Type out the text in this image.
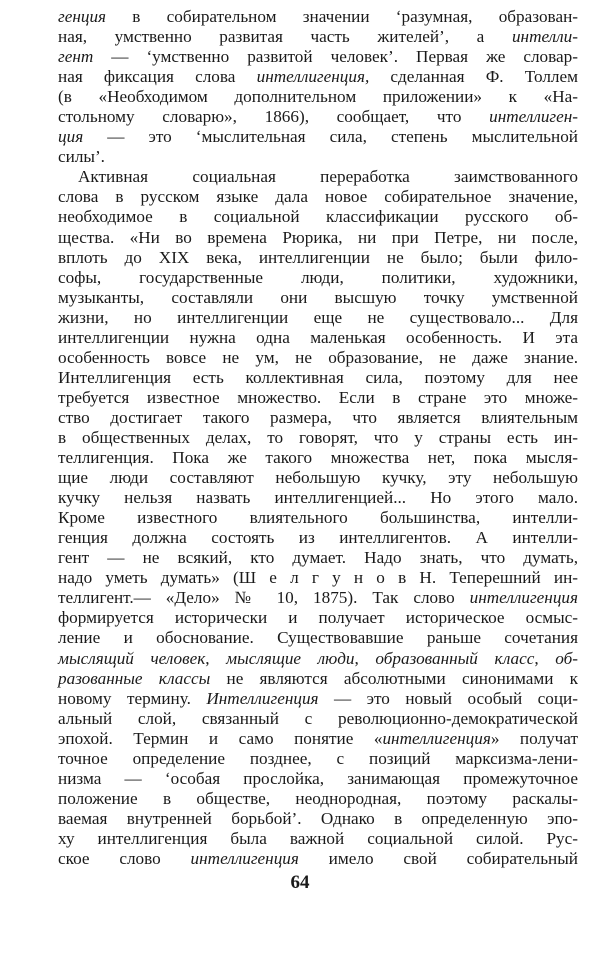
генция в собирательном значении ‘разумная, образован-
ная, умственно развитая часть жителей’, а интелли-
гент — ‘умственно развитой человек’. Первая же словар-
ная фиксация слова интеллигенция, сделанная Ф. Толлем
(в «Необходимом дополнительном приложении» к «На-
стольному словарю», 1866), сообщает, что интеллиген-
ция — это ‘мыслительная сила, степень мыслительной
силы’.
Активная социальная переработка заимствованного
слова в русском языке дала новое собирательное значение,
необходимое в социальной классификации русского об-
щества. «Ни во времена Рюрика, ни при Петре, ни после,
вплоть до XIX века, интеллигенции не было; были фило-
софы, государственные люди, политики, художники,
музыканты, составляли они высшую точку умственной
жизни, но интеллигенции еще не существовало... Для
интеллигенции нужна одна маленькая особенность. И эта
особенность вовсе не ум, не образование, не даже знание.
Интеллигенция есть коллективная сила, поэтому для нее
требуется известное множество. Если в стране это множе-
ство достигает такого размера, что является влиятельным
в общественных делах, то говорят, что у страны есть ин-
теллигенция. Пока же такого множества нет, пока мысля-
щие люди составляют небольшую кучку, эту небольшую
кучку нельзя назвать интеллигенцией... Но этого мало.
Кроме известного влиятельного большинства, интелли-
генция должна состоять из интеллигентов. А интелли-
гент — не всякий, кто думает. Надо знать, что думать,
надо уметь думать» (Ш е л г у н о в Н. Теперешний ин-
теллигент.— «Дело» № 10, 1875). Так слово интеллигенция
формируется исторически и получает историческое осмыс-
ление и обоснование. Существовавшие раньше сочетания
мыслящий человек, мыслящие люди, образованный класс, об-
разованные классы не являются абсолютными синонимами к
новому термину. Интеллигенция — это новый особый соци-
альный слой, связанный с революционно-демократической
эпохой. Термин и само понятие «интеллигенция» получат
точное определение позднее, с позиций марксизма-лени-
низма — ‘особая прослойка, занимающая промежуточное
положение в обществе, неоднородная, поэтому раскалы-
ваемая внутренней борьбой’. Однако в определенную эпо-
ху интеллигенция была важной социальной силой. Рус-
ское слово интеллигенция имело свой собирательный
64
